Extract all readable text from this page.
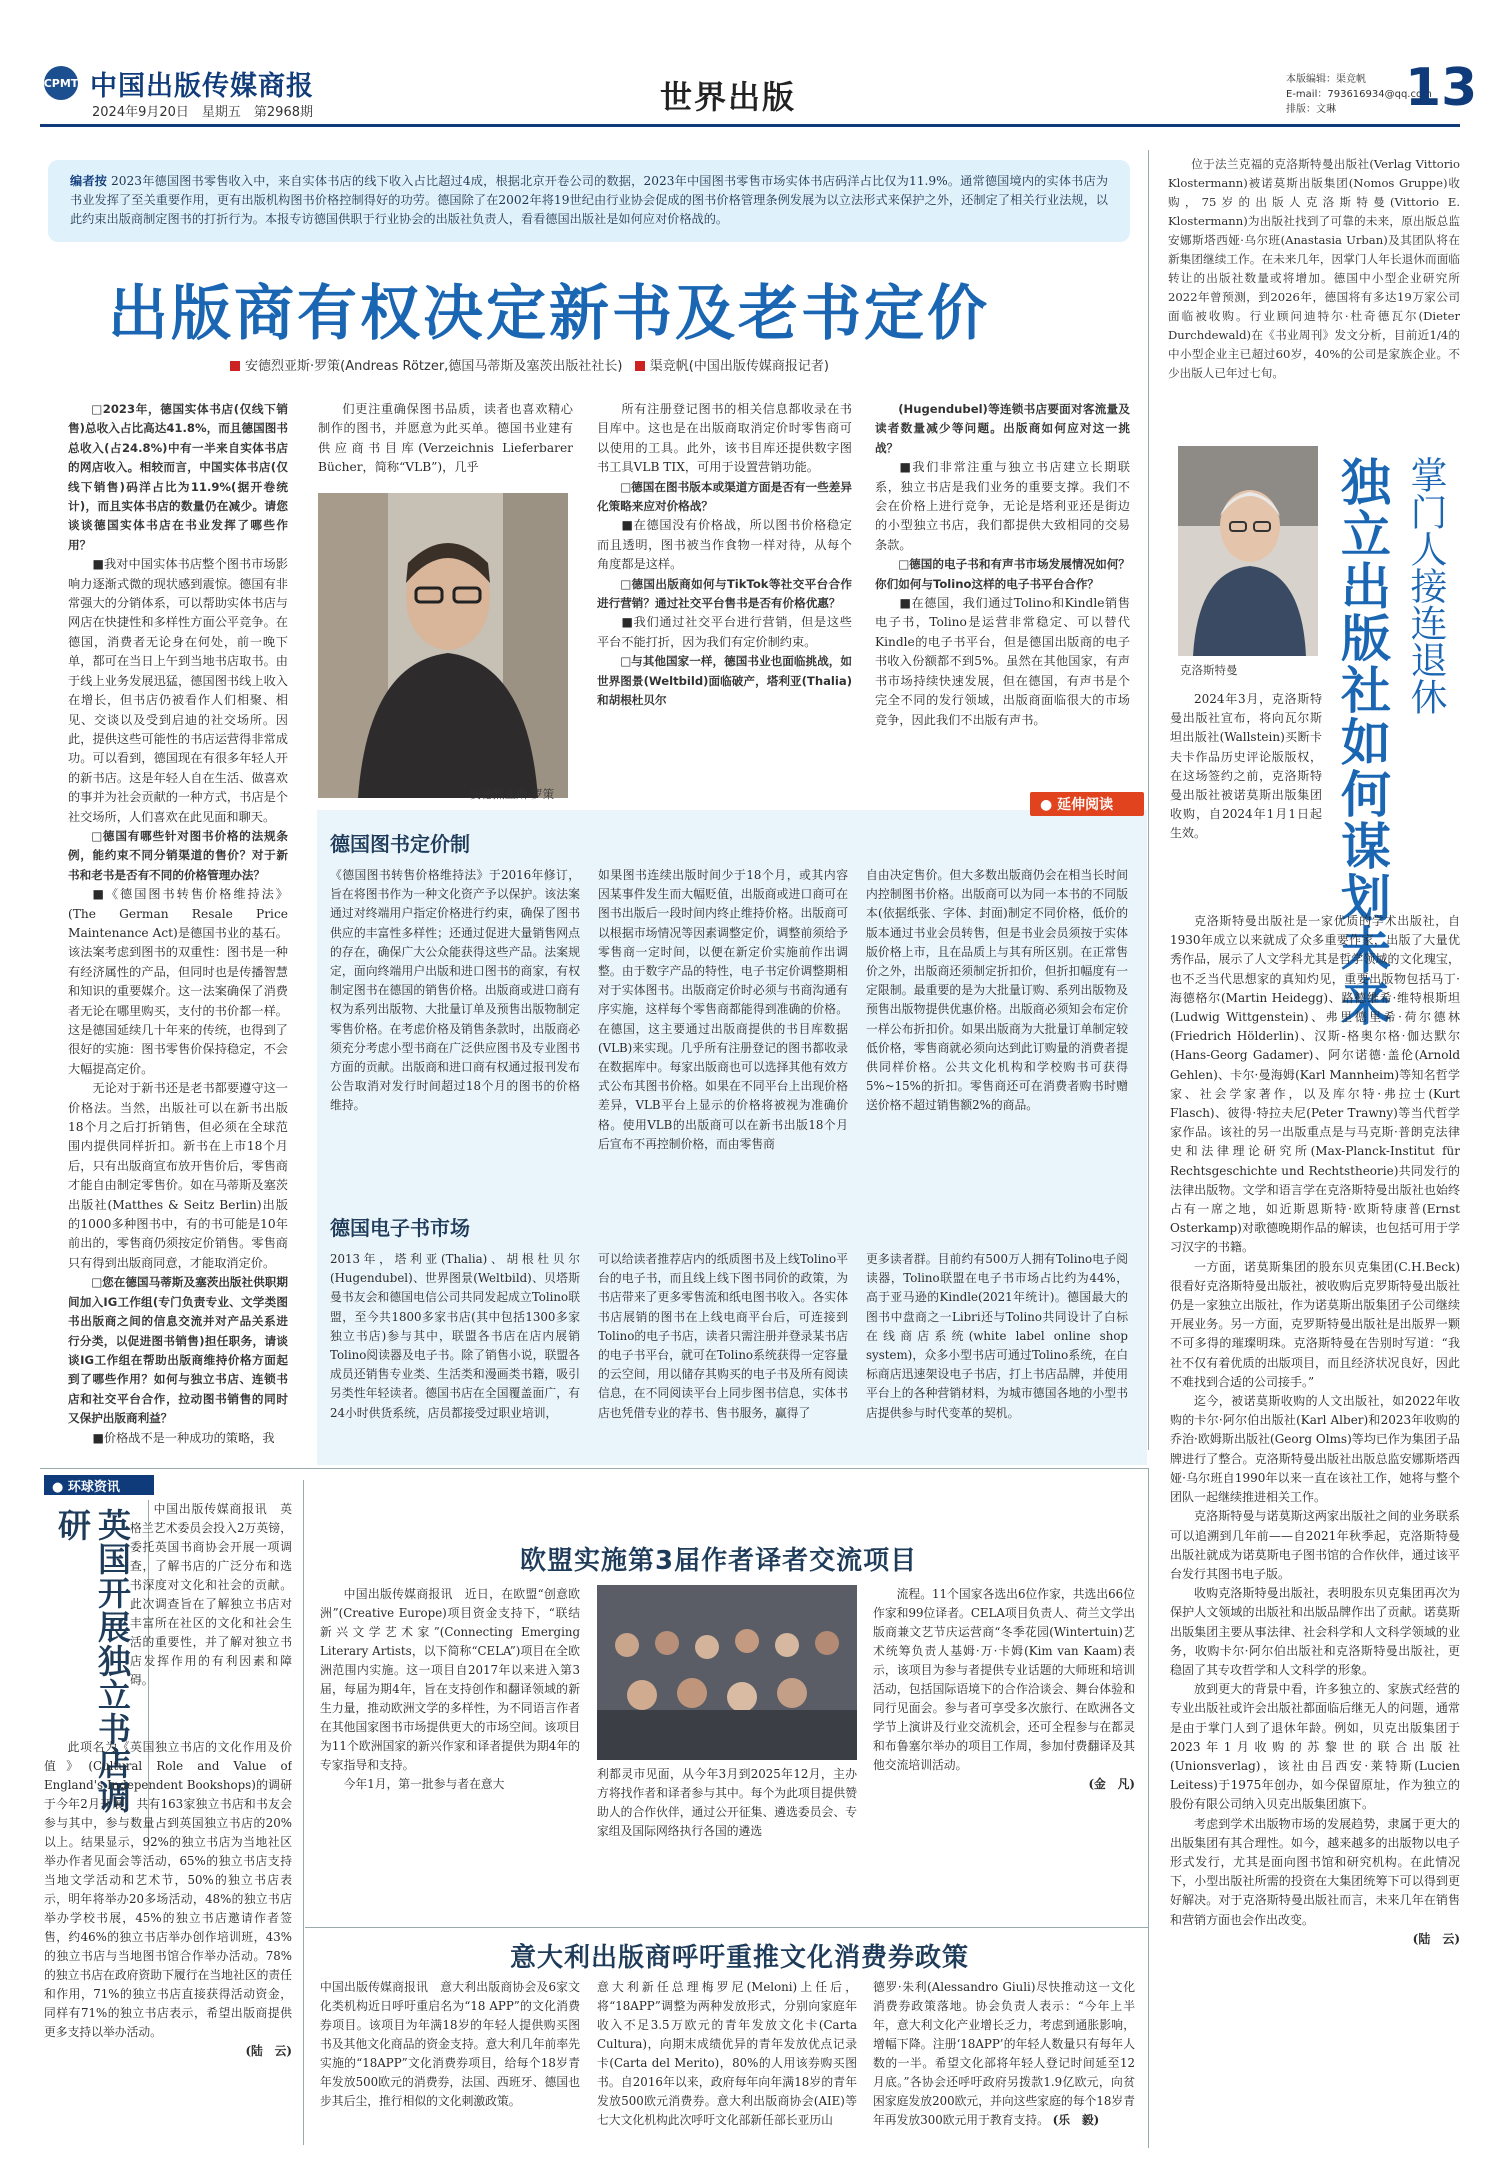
CPMT 中国出版传媒商报
2024年9月20日　星期五　第2968期	世界出版	本版编辑：渠竞帆
E-mail：793616934@qq.com
排版：文琳	13
编者按 2023年德国图书零售收入中，来自实体书店的线下收入占比超过4成，根据北京开卷公司的数据，2023年中国图书零售市场实体书店码洋占比仅为11.9%。通常德国境内的实体书店为书业发挥了至关重要作用，更有出版机构图书价格控制得好的功劳。德国除了在2002年将19世纪由行业协会促成的图书价格管理条例发展为以立法形式来保护之外，还制定了相关行业法规，以此约束出版商制定图书的打折行为。本报专访德国供职于行业协会的出版社负责人，看看德国出版社是如何应对价格战的。
出版商有权决定新书及老书定价
安德烈亚斯·罗策(Andreas Rötzer,德国马蒂斯及塞茨出版社社长) 渠竞帆(中国出版传媒商报记者)

□2023年，德国实体书店(仅线下销售)总收入占比高达41.8%，而且德国图书总收入(占24.8%)中有一半来自实体书店的网店收入。相较而言，中国实体书店(仅线下销售)码洋占比为11.9%(据开卷统计)，而且实体书店的数量仍在减少。请您谈谈德国实体书店在书业发挥了哪些作用？

■我对中国实体书店整个图书市场影响力逐渐式微的现状感到震惊。德国有非常强大的分销体系，可以帮助实体书店与网店在快捷性和多样性方面公平竞争。在德国，消费者无论身在何处，前一晚下单，都可在当日上午到当地书店取书。由于线上业务发展迅猛，德国图书线上收入在增长，但书店仍被看作人们相聚、相见、交谈以及受到启迪的社交场所。因此，提供这些可能性的书店运营得非常成功。可以看到，德国现在有很多年轻人开的新书店。这是年轻人自在生活、做喜欢的事并为社会贡献的一种方式，书店是个社交场所，人们喜欢在此见面和聊天。

□德国有哪些针对图书价格的法规条例，能约束不同分销渠道的售价？对于新书和老书是否有不同的价格管理办法？

■《德国图书转售价格维持法》(The German Resale Price Maintenance Act)是德国书业的基石。该法案考虑到图书的双重性：图书是一种有经济属性的产品，但同时也是传播智慧和知识的重要媒介。这一法案确保了消费者无论在哪里购买，支付的书价都一样。这是德国延续几十年来的传统，也得到了很好的实施：图书零售价保持稳定，不会大幅提高定价。

无论对于新书还是老书都要遵守这一价格法。当然，出版社可以在新书出版18个月之后打折销售，但必须在全球范围内提供同样折扣。新书在上市18个月后，只有出版商宣布放开售价后，零售商才能自由制定零售价。如在马蒂斯及塞茨出版社(Matthes & Seitz Berlin)出版的1000多种图书中，有的书可能是10年前出的，零售商仍须按定价销售。零售商只有得到出版商同意，才能取消定价。

□您在德国马蒂斯及塞茨出版社供职期间加入IG工作组(专门负责专业、文学类图书出版商之间的信息交流并对产品关系进行分类，以促进图书销售)担任职务，请谈谈IG工作组在帮助出版商维持价格方面起到了哪些作用？如何与独立书店、连锁书店和社交平台合作，拉动图书销售的同时又保护出版商利益？

■价格战不是一种成功的策略，我

们更注重确保图书品质，读者也喜欢精心制作的图书，并愿意为此买单。德国书业建有供应商书目库(Verzeichnis Lieferbarer Bücher，简称“VLB”)，几乎

安德烈亚斯·罗策

所有注册登记图书的相关信息都收录在书目库中。这也是在出版商取消定价时零售商可以使用的工具。此外，该书目库还提供数字图书工具VLB TIX，可用于设置营销功能。

□德国在图书版本或渠道方面是否有一些差异化策略来应对价格战？

■在德国没有价格战，所以图书价格稳定而且透明，图书被当作食物一样对待，从每个角度都是这样。

□德国出版商如何与TikTok等社交平台合作进行营销？通过社交平台售书是否有价格优惠？

■我们通过社交平台进行营销，但是这些平台不能打折，因为我们有定价制约束。

□与其他国家一样，德国书业也面临挑战，如世界图景(Weltbild)面临破产，塔利亚(Thalia)和胡根杜贝尔

(Hugendubel)等连锁书店要面对客流量及读者数量减少等问题。出版商如何应对这一挑战？

■我们非常注重与独立书店建立长期联系，独立书店是我们业务的重要支撑。我们不会在价格上进行竞争，无论是塔利亚还是街边的小型独立书店，我们都提供大致相同的交易条款。

□德国的电子书和有声书市场发展情况如何？你们如何与Tolino这样的电子书平台合作？

■在德国，我们通过Tolino和Kindle销售电子书，Tolino是运营非常稳定、可以替代Kindle的电子书平台，但是德国出版商的电子书收入份额都不到5%。虽然在其他国家，有声书市场持续快速发展，但在德国，有声书是个完全不同的发行领域，出版商面临很大的市场竞争，因此我们不出版有声书。

● 延伸阅读
德国图书定价制
《德国图书转售价格维持法》于2016年修订，旨在将图书作为一种文化资产予以保护。该法案通过对终端用户指定价格进行约束，确保了图书供应的丰富性多样性；还通过促进大量销售网点的存在，确保广大公众能获得这些产品。法案规定，面向终端用户出版和进口图书的商家，有权制定图书在德国的销售价格。出版商或进口商有权为系列出版物、大批量订单及预售出版物制定零售价格。在考虑价格及销售条款时，出版商必须充分考虑小型书商在广泛供应图书及专业图书方面的贡献。出版商和进口商有权通过报刊发布公告取消对发行时间超过18个月的图书的价格维持。
如果图书连续出版时间少于18个月，或其内容因某事件发生而大幅贬值，出版商或进口商可在图书出版后一段时间内终止维持价格。出版商可以根据市场情况等因素调整定价，调整前须给予零售商一定时间，以便在新定价实施前作出调整。由于数字产品的特性，电子书定价调整期相对于实体图书。出版商定价时必须与书商沟通有序实施，这样每个零售商都能得到准确的价格。在德国，这主要通过出版商提供的书目库数据(VLB)来实现。几乎所有注册登记的图书都收录在数据库中。每家出版商也可以选择其他有效方式公布其图书价格。如果在不同平台上出现价格差异，VLB平台上显示的价格将被视为准确价格。使用VLB的出版商可以在新书出版18个月后宣布不再控制价格，而由零售商
自由决定售价。但大多数出版商仍会在相当长时间内控制图书价格。出版商可以为同一本书的不同版本(依据纸张、字体、封面)制定不同价格，低价的版本通过书业会员转售，但是书业会员须按于实体版价格上市，且在品质上与其有所区别。在正常售价之外，出版商还须制定折扣价，但折扣幅度有一定限制。最重要的是为大批量订购、系列出版物及预售出版物提供优惠价格。出版商必须知会布定价一样公布折扣价。如果出版商为大批量订单制定较低价格，零售商就必须向达到此订购量的消费者提供同样价格。公共文化机构和学校购书可获得5%~15%的折扣。零售商还可在消费者购书时赠送价格不超过销售额2%的商品。
德国电子书市场
2013年，塔利亚(Thalia)、胡根杜贝尔(Hugendubel)、世界图景(Weltbild)、贝塔斯曼书友会和德国电信公司共同发起成立Tolino联盟，至今共1800多家书店(其中包括1300多家独立书店)参与其中，联盟各书店在店内展销Tolino阅读器及电子书。除了销售小说，联盟各成员还销售专业类、生活类和漫画类书籍，吸引另类性年轻读者。德国书店在全国覆盖面广，有24小时供货系统，店员都接受过职业培训，
可以给读者推荐店内的纸质图书及上线Tolino平台的电子书，而且线上线下图书同价的政策，为书店带来了更多零售流和纸电图书收入。各实体书店展销的图书在上线电商平台后，可连接到Tolino的电子书店，读者只需注册并登录某书店的电子书平台，就可在Tolino系统获得一定容量的云空间，用以储存其购买的电子书及所有阅读信息，在不同阅读平台上同步图书信息，实体书店也凭借专业的荐书、售书服务，赢得了
更多读者群。目前约有500万人拥有Tolino电子阅读器，Tolino联盟在电子书市场占比约为44%，高于亚马逊的Kindle(2021年统计)。德国最大的图书中盘商之一Libri还与Tolino共同设计了白标在线商店系统(white label online shop system)，众多小型书店可通过Tolino系统，在白标商店迅速架设电子书店，打上书店品牌，并使用平台上的各种营销材料，为城市德国各地的小型书店提供参与时代变革的契机。
● 环球资讯
英国开展独立书店调研	中国出版传媒商报讯　英格兰艺术委员会投入2万英镑，委托英国书商协会开展一项调查，了解书店的广泛分布和选书深度对文化和社会的贡献。此次调查旨在了解独立书店对丰富所在社区的文化和社会生活的重要性，并了解对独立书店发挥作用的有利因素和障碍。

此项名为《英国独立书店的文化作用及价值》(Cultural Role and Value of England's Independent Bookshops)的调研于今年2月开展，共有163家独立书店和书友会参与其中，参与数量占到英国独立书店的20%以上。结果显示，92%的独立书店为当地社区举办作者见面会等活动，65%的独立书店支持当地文学活动和艺术节，50%的独立书店表示，明年将举办20多场活动，48%的独立书店举办学校书展，45%的独立书店邀请作者签售，约46%的独立书店举办创作培训班，43%的独立书店与当地图书馆合作举办活动。78%的独立书店在政府资助下履行在当地社区的责任和作用，71%的独立书店直接获得活动资金，同样有71%的独立书店表示，希望出版商提供更多支持以举办活动。

(陆　云)

欧盟实施第3届作者译者交流项目

中国出版传媒商报讯　近日，在欧盟“创意欧洲”(Creative Europe)项目资金支持下，“联结新兴文学艺术家”(Connecting Emerging Literary Artists，以下简称“CELA”)项目在全欧洲范围内实施。这一项目自2017年以来进入第3届，每届为期4年，旨在支持创作和翻译领域的新生力量，推动欧洲文学的多样性，为不同语言作者在其他国家图书市场提供更大的市场空间。该项目为11个欧洲国家的新兴作家和译者提供为期4年的专家指导和支持。

今年1月，第一批参与者在意大

利都灵市见面，从今年3月到2025年12月，主办方将找作者和译者参与其中。每个为此项目提供赞助人的合作伙伴，通过公开征集、遴选委员会、专家组及国际网络执行各国的遴选

流程。11个国家各选出6位作家，共选出66位作家和99位译者。CELA项目负责人、荷兰文学出版商兼文艺节庆运营商“冬季花园(Wintertuin)艺术统筹负责人基姆·万·卡姆(Kim van Kaam)表示，该项目为参与者提供专业话题的大师班和培训活动，包括国际语境下的合作洽谈会、舞台体验和同行见面会。参与者可享受多次旅行、在欧洲各文学节上演讲及行业交流机会，还可全程参与在都灵和布鲁塞尔举办的项目工作周，参加付费翻译及其他交流培训活动。

(金　凡)

意大利出版商呼吁重推文化消费券政策
中国出版传媒商报讯　意大利出版商协会及6家文化类机构近日呼吁重启名为“18 APP”的文化消费券项目。该项目为年满18岁的年轻人提供购买图书及其他文化商品的资金支持。意大利几年前率先实施的“18APP”文化消费券项目，给每个18岁青年发放500欧元的消费券，法国、西班牙、德国也步其后尘，推行相似的文化刺激政策。
意大利新任总理梅罗尼(Meloni)上任后，将“18APP”调整为两种发放形式，分别向家庭年收入不足3.5万欧元的青年发放文化卡(Carta Cultura)，向期末成绩优异的青年发放优点记录卡(Carta del Merito)，80%的人用该券购买图书。自2016年以来，政府每年向年满18岁的青年发放500欧元消费券。意大利出版商协会(AIE)等七大文化机构此次呼吁文化部新任部长亚历山
德罗·朱利(Alessandro Giuli)尽快推动这一文化消费券政策落地。协会负责人表示：“今年上半年，意大利文化产业增长乏力，考虑到通胀影响，增幅下降。注册‘18APP’的年轻人数量只有每年人数的一半。希望文化部将年轻人登记时间延至12月底。”各协会还呼吁政府另拨款1.9亿欧元，向贫困家庭发放200欧元，并向这些家庭的每个18岁青年再发放300欧元用于教育支持。 (乐　毅)

位于法兰克福的克洛斯特曼出版社(Verlag Vittorio Klostermann)被诺莫斯出版集团(Nomos Gruppe)收购，75岁的出版人克洛斯特曼(Vittorio E. Klostermann)为出版社找到了可靠的未来，原出版总监安娜斯塔西娅·乌尔班(Anastasia Urban)及其团队将在新集团继续工作。在未来几年，因掌门人年长退休而面临转让的出版社数量或将增加。德国中小型企业研究所2022年曾预测，到2026年，德国将有多达19万家公司面临被收购。行业顾问迪特尔·杜奇德瓦尔(Dieter Durchdewald)在《书业周刊》发文分析，目前近1/4的中小型企业主已超过60岁，40%的公司是家族企业。不少出版人已年过七旬。

克洛斯特曼	掌门人接连退休
独立出版社如何谋划未来

2024年3月，克洛斯特曼出版社宣布，将向瓦尔斯坦出版社(Wallstein)买断卡夫卡作品历史评论版版权，在这场签约之前，克洛斯特曼出版社被诺莫斯出版集团收购，自2024年1月1日起生效。

克洛斯特曼出版社是一家优质的学术出版社，自1930年成立以来就成了众多重要作家，出版了大量优秀作品，展示了人文学科尤其是哲学领域的文化瑰宝，也不乏当代思想家的真知灼见，重要出版物包括马丁·海德格尔(Martin Heidegg)、路德维希·维特根斯坦(Ludwig Wittgenstein)、弗里德里希·荷尔德林(Friedrich Hölderlin)、汉斯-格奥尔格·伽达默尔(Hans-Georg Gadamer)、阿尔诺德·盖伦(Arnold Gehlen)、卡尔·曼海姆(Karl Mannheim)等知名哲学家、社会学家著作，以及库尔特·弗拉士(Kurt Flasch)、彼得·特拉夫尼(Peter Trawny)等当代哲学家作品。该社的另一出版重点是与马克斯·普朗克法律史和法律理论研究所(Max-Planck-Institut für Rechtsgeschichte und Rechtstheorie)共同发行的法律出版物。文学和语言学在克洛斯特曼出版社也始终占有一席之地，如近斯恩斯特·欧斯特康普(Ernst Osterkamp)对歌德晚期作品的解读，也包括可用于学习汉字的书籍。

一方面，诺莫斯集团的股东贝克集团(C.H.Beck)很看好克洛斯特曼出版社，被收购后克罗斯特曼出版社仍是一家独立出版社，作为诺莫斯出版集团子公司继续开展业务。另一方面，克罗斯特曼出版社是出版界一颗不可多得的璀璨明珠。克洛斯特曼在告别时写道：“我社不仅有着优质的出版项目，而且经济状况良好，因此不难找到合适的公司接手。”

迄今，被诺莫斯收购的人文出版社，如2022年收购的卡尔·阿尔伯出版社(Karl Alber)和2023年收购的乔治·欧姆斯出版社(Georg Olms)等均已作为集团子品牌进行了整合。克洛斯特曼出版社出版总监安娜斯塔西娅·乌尔班自1990年以来一直在该社工作，她将与整个团队一起继续推进相关工作。

克洛斯特曼与诺莫斯这两家出版社之间的业务联系可以追溯到几年前——自2021年秋季起，克洛斯特曼出版社就成为诺莫斯电子图书馆的合作伙伴，通过该平台发行其图书电子版。

收购克洛斯特曼出版社，表明股东贝克集团再次为保护人文领域的出版社和出版品牌作出了贡献。诺莫斯出版集团主要从事法律、社会科学和人文科学领域的业务，收购卡尔·阿尔伯出版社和克洛斯特曼出版社，更稳固了其专攻哲学和人文科学的形象。

放到更大的背景中看，许多独立的、家族式经营的专业出版社或许会出版社都面临后继无人的问题，通常是由于掌门人到了退休年龄。例如，贝克出版集团于2023年1月收购的苏黎世的联合出版社(Unionsverlag)，该社由吕西安·莱特斯(Lucien Leitess)于1975年创办，如今保留原址，作为独立的股份有限公司纳入贝克出版集团旗下。

考虑到学术出版物市场的发展趋势，隶属于更大的出版集团有其合理性。如今，越来越多的出版物以电子形式发行，尤其是面向图书馆和研究机构。在此情况下，小型出版社所需的投资在大集团统筹下可以得到更好解决。对于克洛斯特曼出版社而言，未来几年在销售和营销方面也会作出改变。

(陆　云)
